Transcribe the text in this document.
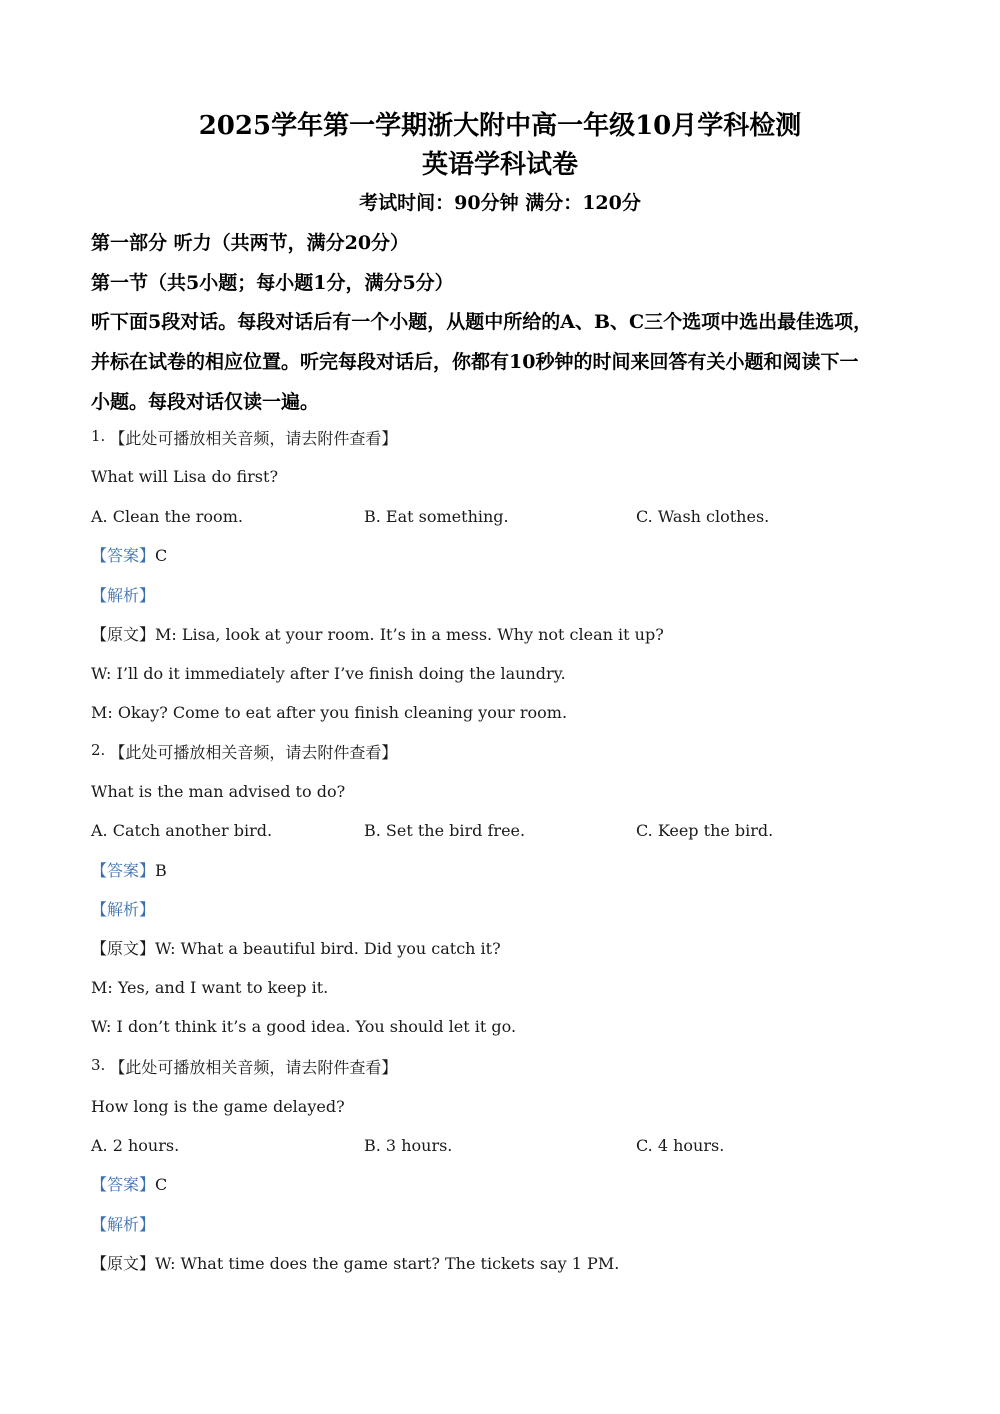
2025学年第一学期浙大附中高一年级10月学科检测
英语学科试卷
考试时间：90分钟 满分：120分
第一部分 听力（共两节，满分20分）
第一节（共5小题；每小题1分，满分5分）
听下面5段对话。每段对话后有一个小题，从题中所给的A、B、C三个选项中选出最佳选项，
并标在试卷的相应位置。听完每段对话后，你都有10秒钟的时间来回答有关小题和阅读下一
小题。每段对话仅读一遍。
1. 【此处可播放相关音频，请去附件查看】
What will Lisa do first?
A. Clean the room.	B. Eat something.	C. Wash clothes.
【答案】C
【解析】
【原文】M: Lisa, look at your room. It’s in a mess. Why not clean it up?
W: I’ll do it immediately after I’ve finish doing the laundry.
M: Okay? Come to eat after you finish cleaning your room.
2. 【此处可播放相关音频，请去附件查看】
What is the man advised to do?
A. Catch another bird.	B. Set the bird free.	C. Keep the bird.
【答案】B
【解析】
【原文】W: What a beautiful bird. Did you catch it?
M: Yes, and I want to keep it.
W: I don’t think it’s a good idea. You should let it go.
3. 【此处可播放相关音频，请去附件查看】
How long is the game delayed?
A. 2 hours.	B. 3 hours.	C. 4 hours.
【答案】C
【解析】
【原文】W: What time does the game start? The tickets say 1 PM.
